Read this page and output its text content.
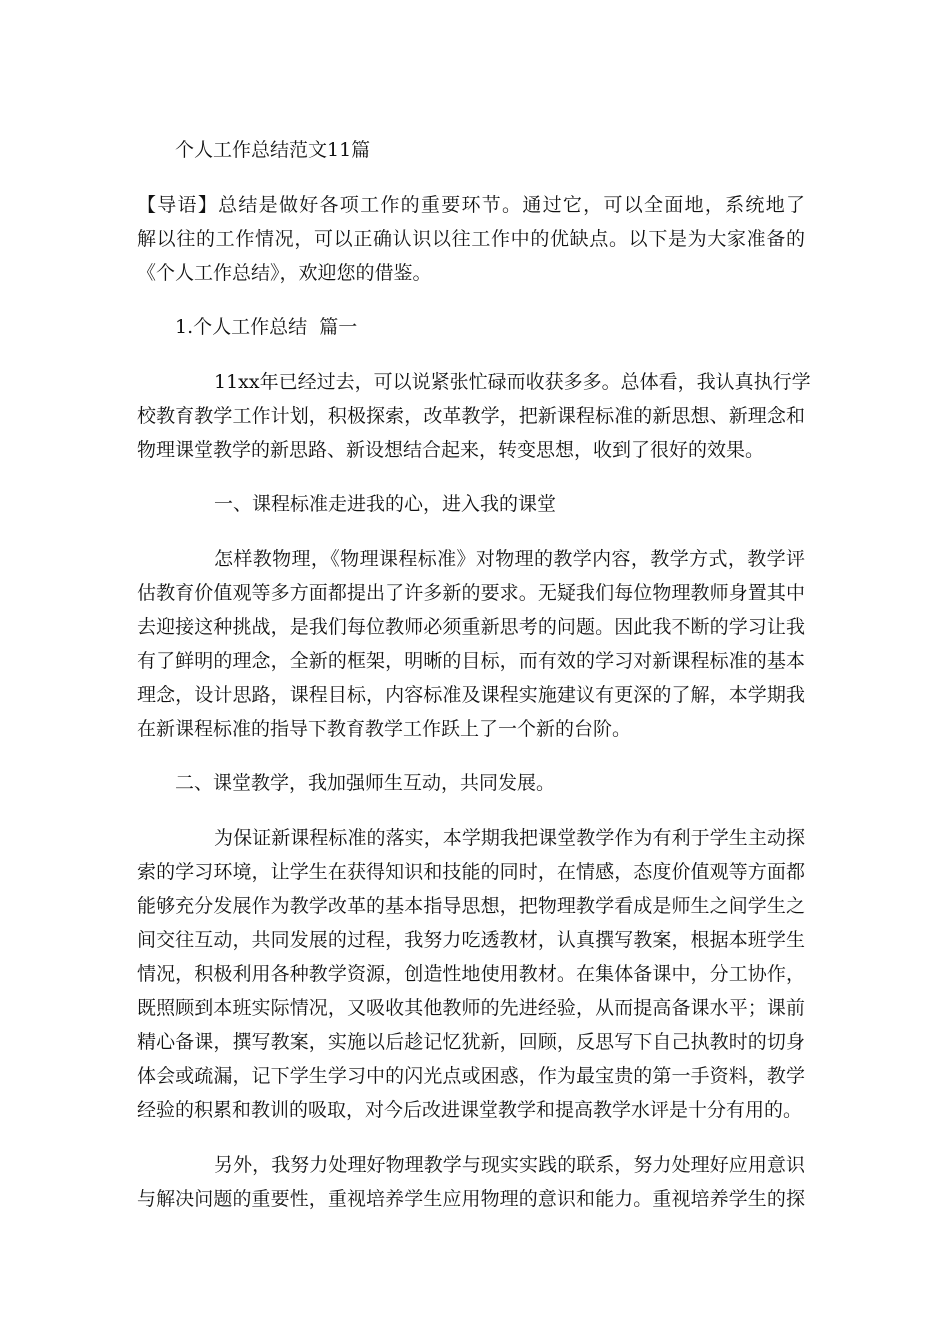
个人工作总结范文11篇
【导语】总结是做好各项工作的重要环节。通过它，可以全面地，系统地了
解以往的工作情况，可以正确认识以往工作中的优缺点。以下是为大家准备的
《个人工作总结》，欢迎您的借鉴。
1.个人工作总结  篇一
11xx年已经过去，可以说紧张忙碌而收获多多。总体看，我认真执行学
校教育教学工作计划，积极探索，改革教学，把新课程标准的新思想、新理念和
物理课堂教学的新思路、新设想结合起来，转变思想，收到了很好的效果。
一、课程标准走进我的心，进入我的课堂
怎样教物理，《物理课程标准》对物理的教学内容，教学方式，教学评
估教育价值观等多方面都提出了许多新的要求。无疑我们每位物理教师身置其中
去迎接这种挑战，是我们每位教师必须重新思考的问题。因此我不断的学习让我
有了鲜明的理念，全新的框架，明晰的目标，而有效的学习对新课程标准的基本
理念，设计思路，课程目标，内容标准及课程实施建议有更深的了解，本学期我
在新课程标准的指导下教育教学工作跃上了一个新的台阶。
二、课堂教学，我加强师生互动，共同发展。
为保证新课程标准的落实，本学期我把课堂教学作为有利于学生主动探
索的学习环境，让学生在获得知识和技能的同时，在情感，态度价值观等方面都
能够充分发展作为教学改革的基本指导思想，把物理教学看成是师生之间学生之
间交往互动，共同发展的过程，我努力吃透教材，认真撰写教案，根据本班学生
情况，积极利用各种教学资源，创造性地使用教材。在集体备课中，分工协作，
既照顾到本班实际情况，又吸收其他教师的先进经验，从而提高备课水平；课前
精心备课，撰写教案，实施以后趁记忆犹新，回顾，反思写下自己执教时的切身
体会或疏漏，记下学生学习中的闪光点或困惑，作为最宝贵的第一手资料，教学
经验的积累和教训的吸取，对今后改进课堂教学和提高教学水评是十分有用的。
另外，我努力处理好物理教学与现实实践的联系，努力处理好应用意识
与解决问题的重要性，重视培养学生应用物理的意识和能力。重视培养学生的探
